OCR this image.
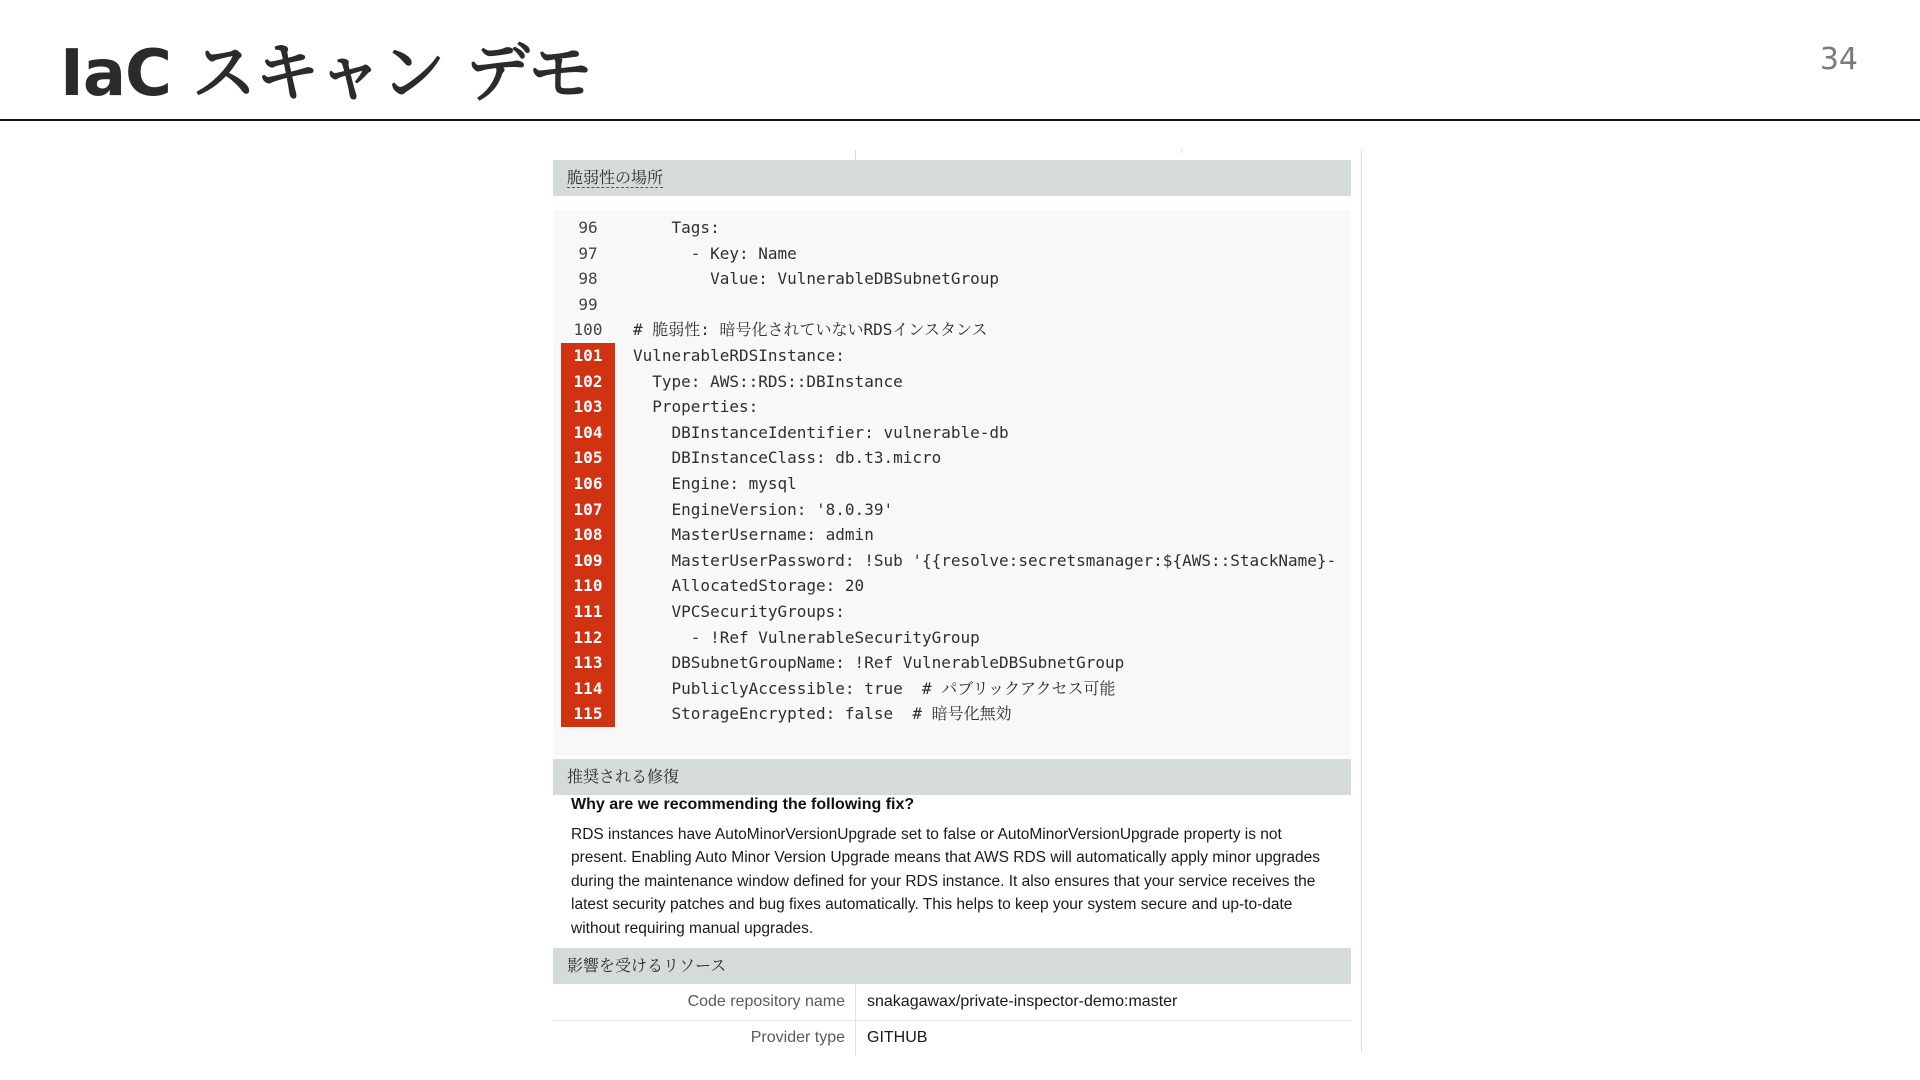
IaC スキャン デモ	34
脆弱性の場所
96	Tags:
97	- Key: Name
98	Value: VulnerableDBSubnetGroup
99
100	# 脆弱性: 暗号化されていないRDSインスタンス
101	VulnerableRDSInstance:
102	Type: AWS::RDS::DBInstance
103	Properties:
104	DBInstanceIdentifier: vulnerable-db
105	DBInstanceClass: db.t3.micro
106	Engine: mysql
107	EngineVersion: '8.0.39'
108	MasterUsername: admin
109	MasterUserPassword: !Sub '{{resolve:secretsmanager:${AWS::StackName}-
110	AllocatedStorage: 20
111	VPCSecurityGroups:
112	- !Ref VulnerableSecurityGroup
113	DBSubnetGroupName: !Ref VulnerableDBSubnetGroup
114	PubliclyAccessible: true  # パブリックアクセス可能
115	StorageEncrypted: false  # 暗号化無効
推奨される修復
Why are we recommending the following fix?
RDS instances have AutoMinorVersionUpgrade set to false or AutoMinorVersionUpgrade property is not present. Enabling Auto Minor Version Upgrade means that AWS RDS will automatically apply minor upgrades during the maintenance window defined for your RDS instance. It also ensures that your service receives the latest security patches and bug fixes automatically. This helps to keep your system secure and up-to-date without requiring manual upgrades.
影響を受けるリソース
Code repository name snakagawax/private-inspector-demo:master
Provider type GITHUB
